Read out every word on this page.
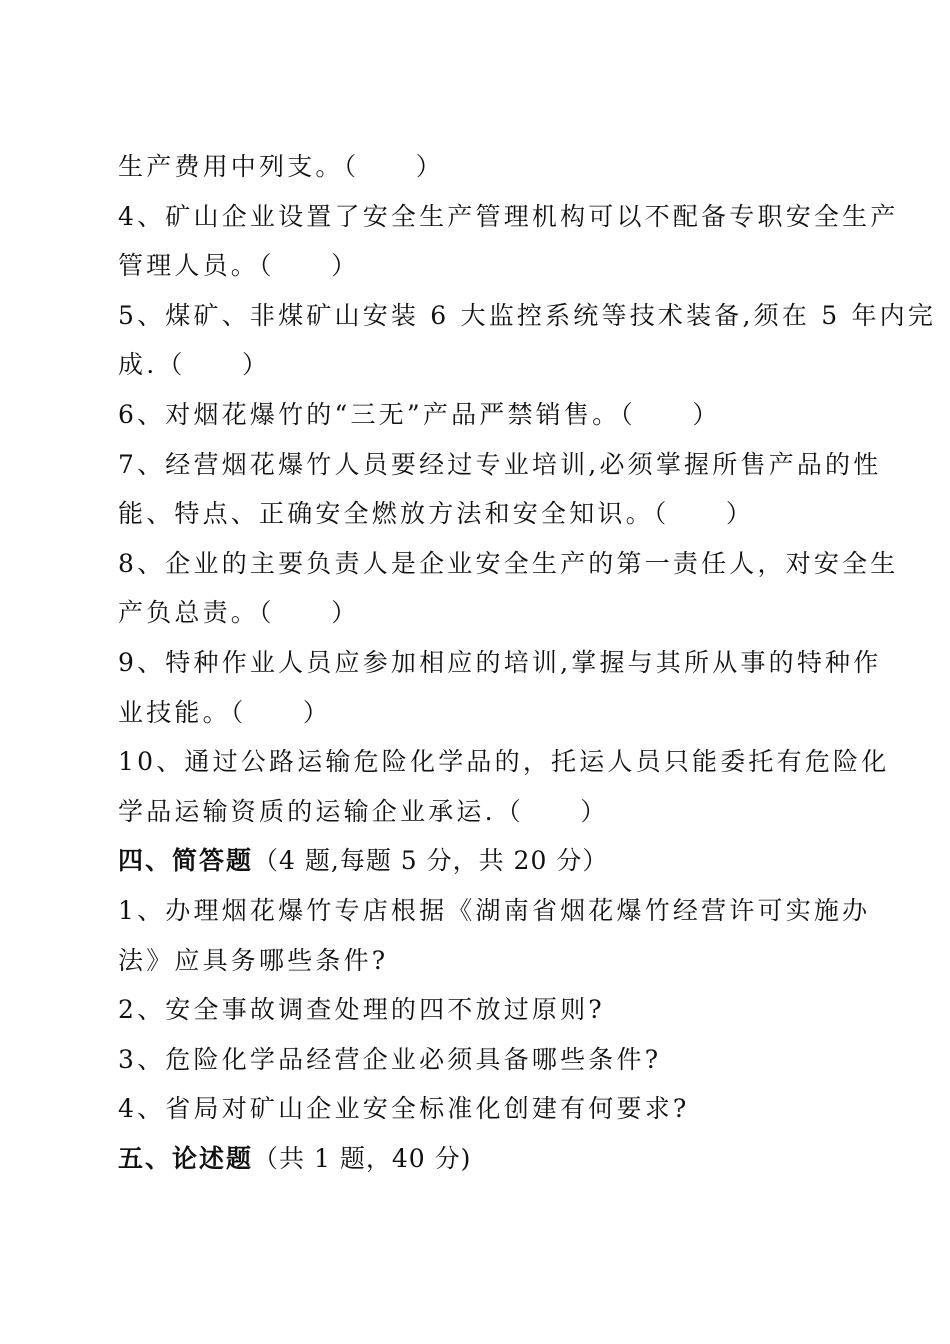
生产费用中列支。（　　）
4、矿山企业设置了安全生产管理机构可以不配备专职安全生产
管理人员。（　　）
5、煤矿、非煤矿山安装 6 大监控系统等技术装备,须在 5 年内完
成.（　　）
6、对烟花爆竹的“三无”产品严禁销售。（　　）
7、经营烟花爆竹人员要经过专业培训,必须掌握所售产品的性
能、特点、正确安全燃放方法和安全知识。（　　）
8、企业的主要负责人是企业安全生产的第一责任人，对安全生
产负总责。（　　）
9、特种作业人员应参加相应的培训,掌握与其所从事的特种作
业技能。（　　）
10、通过公路运输危险化学品的，托运人员只能委托有危险化
学品运输资质的运输企业承运.（　　）
四、简答题（4 题,每题 5 分，共 20 分）
1、办理烟花爆竹专店根据《湖南省烟花爆竹经营许可实施办
法》应具务哪些条件?
2、安全事故调查处理的四不放过原则?
3、危险化学品经营企业必须具备哪些条件?
4、省局对矿山企业安全标准化创建有何要求?
五、论述题（共 1 题，40 分)
